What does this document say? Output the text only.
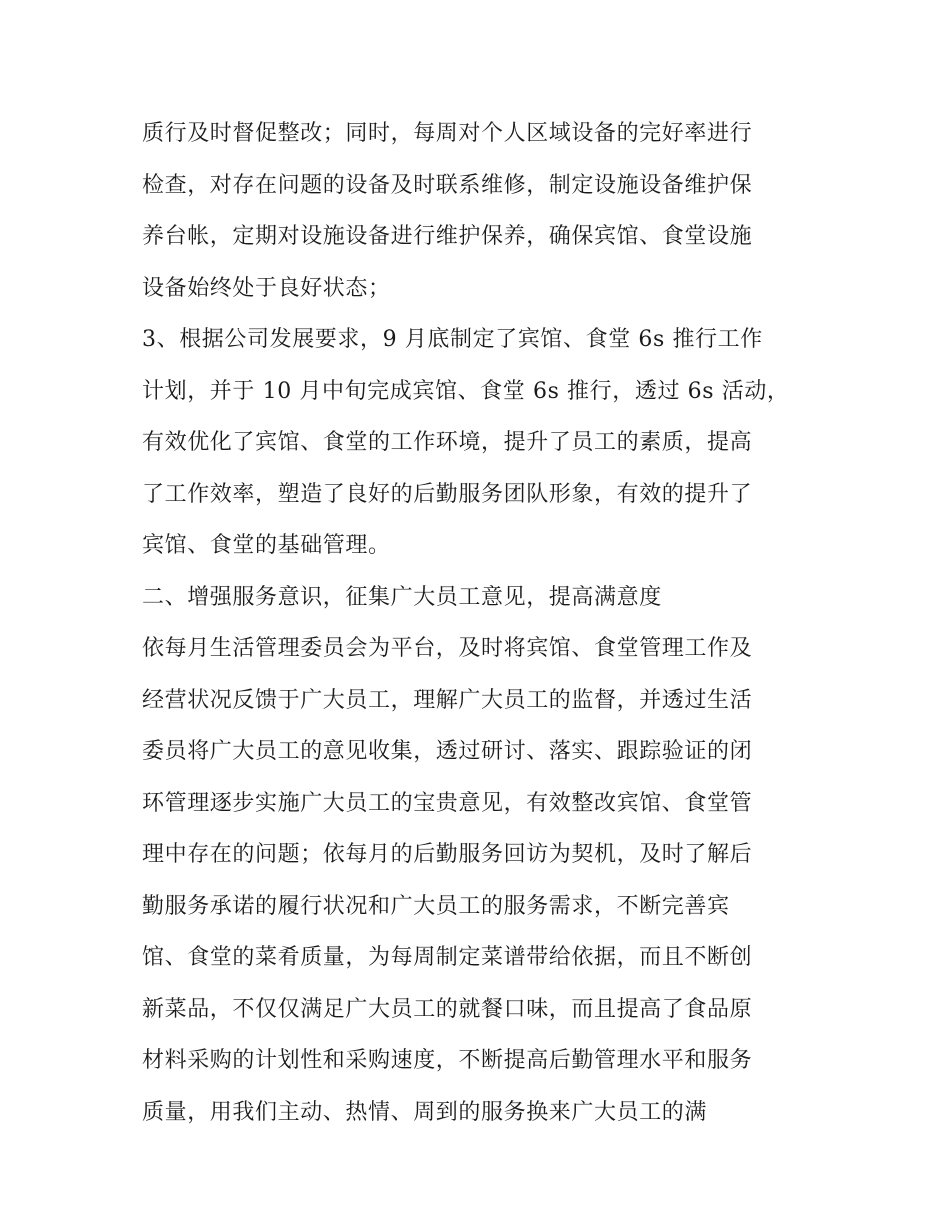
质行及时督促整改；同时，每周对个人区域设备的完好率进行
检查，对存在问题的设备及时联系维修，制定设施设备维护保
养台帐，定期对设施设备进行维护保养，确保宾馆、食堂设施
设备始终处于良好状态；
3、根据公司发展要求，9 月底制定了宾馆、食堂 6s 推行工作
计划，并于 10 月中旬完成宾馆、食堂 6s 推行，透过 6s 活动，
有效优化了宾馆、食堂的工作环境，提升了员工的素质，提高
了工作效率，塑造了良好的后勤服务团队形象，有效的提升了
宾馆、食堂的基础管理。
二、增强服务意识，征集广大员工意见，提高满意度
依每月生活管理委员会为平台，及时将宾馆、食堂管理工作及
经营状况反馈于广大员工，理解广大员工的监督，并透过生活
委员将广大员工的意见收集，透过研讨、落实、跟踪验证的闭
环管理逐步实施广大员工的宝贵意见，有效整改宾馆、食堂管
理中存在的问题；依每月的后勤服务回访为契机，及时了解后
勤服务承诺的履行状况和广大员工的服务需求，不断完善宾
馆、食堂的菜肴质量，为每周制定菜谱带给依据，而且不断创
新菜品，不仅仅满足广大员工的就餐口味，而且提高了食品原
材料采购的计划性和采购速度，不断提高后勤管理水平和服务
质量，用我们主动、热情、周到的服务换来广大员工的满
